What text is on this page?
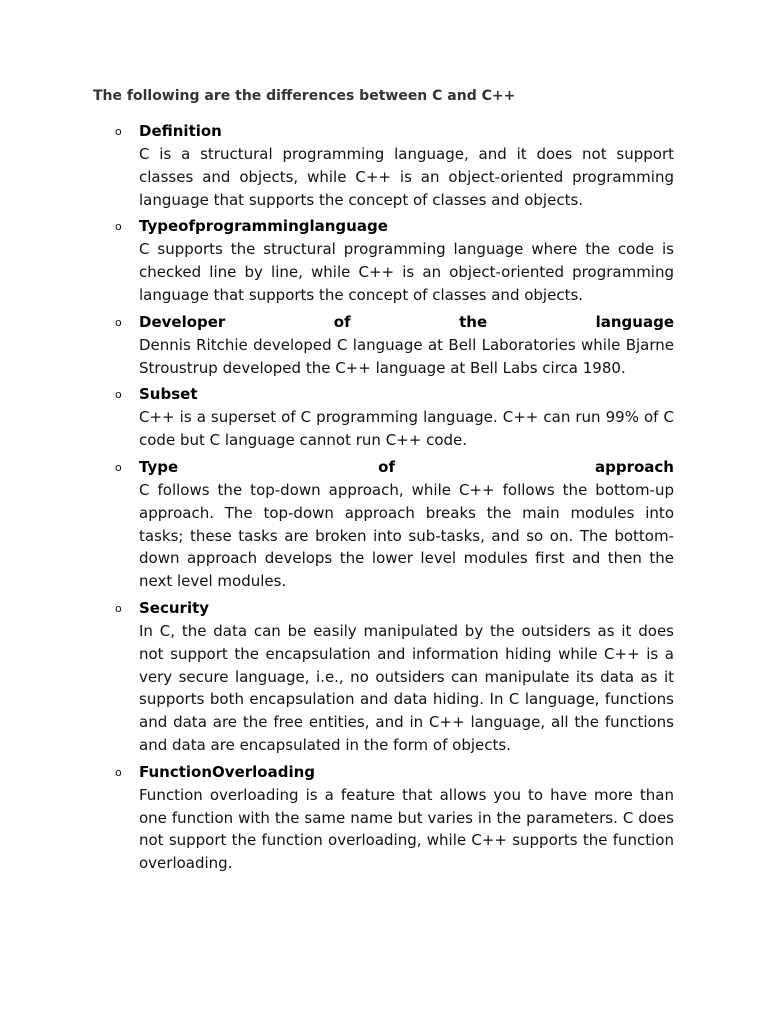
The following are the differences between C and C++

o Definition
C is a structural programming language, and it does not support classes and objects, while C++ is an object-oriented programming language that supports the concept of classes and objects.
o Typeofprogramminglanguage
C supports the structural programming language where the code is checked line by line, while C++ is an object-oriented programming language that supports the concept of classes and objects.
o Developer of the language
Dennis Ritchie developed C language at Bell Laboratories while Bjarne Stroustrup developed the C++ language at Bell Labs circa 1980.
o Subset
C++ is a superset of C programming language. C++ can run 99% of C code but C language cannot run C++ code.
o Type of approach
C follows the top-down approach, while C++ follows the bottom-up approach. The top-down approach breaks the main modules into tasks; these tasks are broken into sub-tasks, and so on. The bottom-down approach develops the lower level modules first and then the next level modules.
o Security
In C, the data can be easily manipulated by the outsiders as it does not support the encapsulation and information hiding while C++ is a very secure language, i.e., no outsiders can manipulate its data as it supports both encapsulation and data hiding. In C language, functions and data are the free entities, and in C++ language, all the functions and data are encapsulated in the form of objects.
o FunctionOverloading
Function overloading is a feature that allows you to have more than one function with the same name but varies in the parameters. C does not support the function overloading, while C++ supports the function overloading.
